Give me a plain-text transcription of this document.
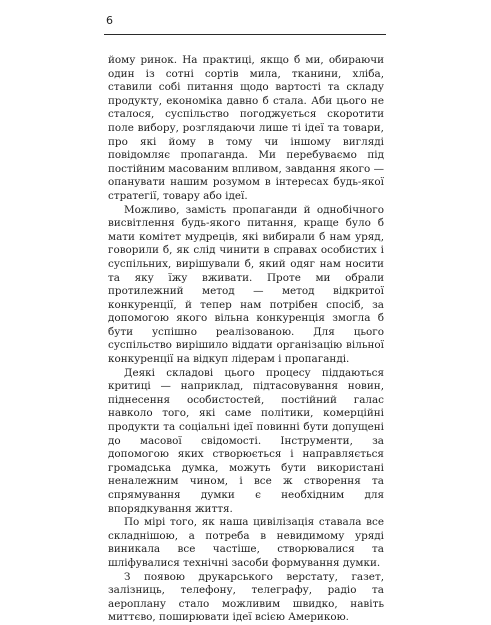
6

йому ринок. На практиці, якщо б ми, обираючи один із сотні сортів мила, тканини, хліба, ставили собі питання щодо вартості та складу продукту, економіка давно б стала. Аби цього не сталося, суспільство погоджується скоротити поле вибору, розглядаючи лише ті ідеї та товари, про які йому в тому чи іншому вигляді повідомляє пропаганда. Ми перебуваємо під постійним масованим впливом, завдання якого — опанувати нашим розумом в інтересах будь-якої стратегії, товару або ідеї.

Можливо, замість пропаганди й однобічного висвітлення будь-якого питання, краще було б мати комітет мудреців, які вибирали б нам уряд, говорили б, як слід чинити в справах особистих і суспільних, вирішували б, який одяг нам носити та яку їжу вживати. Проте ми обрали протилежний метод — метод відкритої конкуренції, й тепер нам потрібен спосіб, за допомогою якого вільна конкуренція змогла б бути успішно реалізованою. Для цього суспільство вирішило віддати організацію вільної конкуренції на відкуп лідерам і пропаганді.

Деякі складові цього процесу піддаються критиці — наприклад, підтасовування новин, піднесення особистостей, постійний галас навколо того, які саме політики, комерційні продукти та соціальні ідеї повинні бути допущені до масової свідомості. Інструменти, за допомогою яких створюється і направляється громадська думка, можуть бути використані неналежним чином, і все ж створення та спрямування думки є необхідним для впорядкування життя.

По мірі того, як наша цивілізація ставала все складнішою, а потреба в невидимому уряді виникала все частіше, створювалися та шліфувалися технічні засоби формування думки.

З появою друкарського верстату, газет, залізниць, телефону, телеграфу, радіо та аероплану стало можливим швидко, навіть миттєво, поширювати ідеї всією Америкою.
